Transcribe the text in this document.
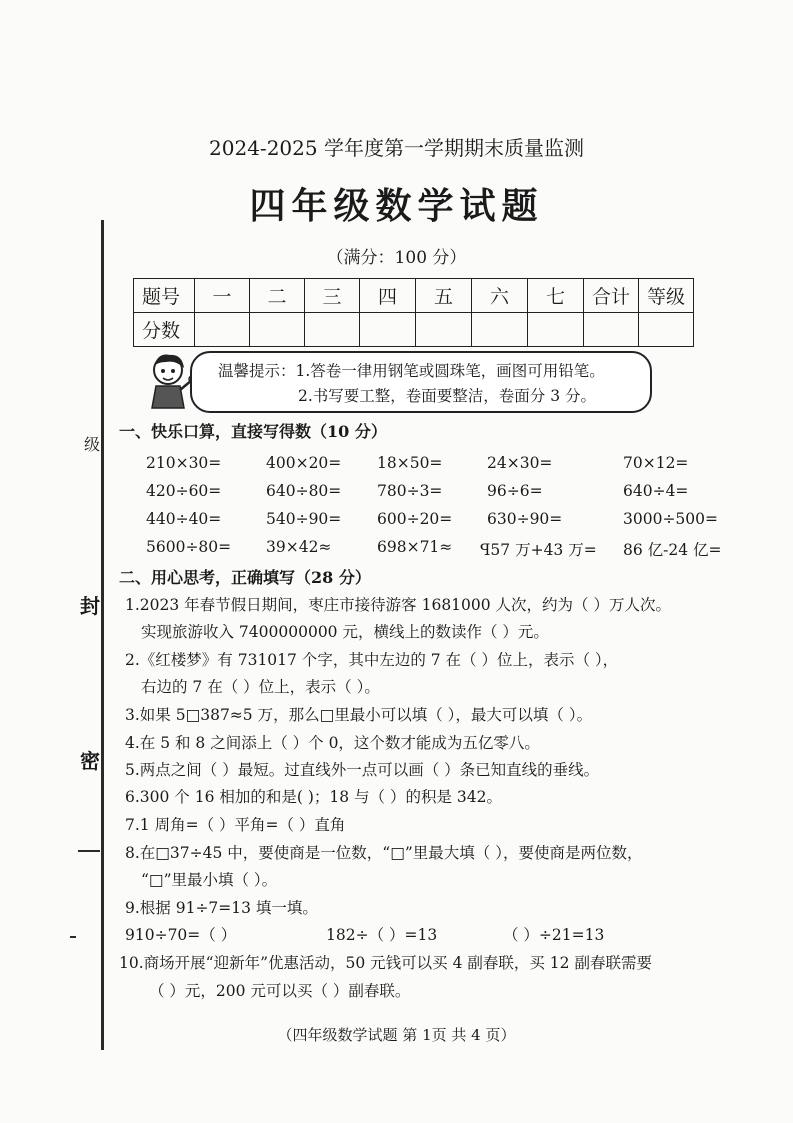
2024-2025 学年度第一学期期末质量监测
四年级数学试题
（满分：100 分）
级
封
密
题号	一	二	三	四	五	六	七	合计	等级
分数									
温馨提示：1.答卷一律用钢笔或圆珠笔，画图可用铅笔。
2.书写要工整，卷面要整洁，卷面分 3 分。
一、快乐口算，直接写得数（10 分）
210×30=	400×20= 18×50=	24×30=	70×12=
420÷60=	640÷80= 780÷3=	96÷6=	640÷4=
440÷40=	540÷90= 600÷20= 630÷90=	3000÷500=
5600÷80= 39×42≈	698×71≈ ꟼ57 万+43 万= 86 亿-24 亿=
二、用心思考，正确填写（28 分）
1.2023 年春节假日期间，枣庄市接待游客 1681000 人次，约为（ ）万人次。
实现旅游收入 7400000000 元，横线上的数读作（ ）元。
2.《红楼梦》有 731017 个字，其中左边的 7 在（ ）位上，表示（ ），
右边的 7 在（ ）位上，表示（ ）。
3.如果 5□387≈5 万，那么□里最小可以填（ ），最大可以填（ ）。
4.在 5 和 8 之间添上（ ）个 0，这个数才能成为五亿零八。
5.两点之间（ ）最短。过直线外一点可以画（ ）条已知直线的垂线。
6.300 个 16 相加的和是( )；18 与（ ）的积是 342。
7.1 周角=（ ）平角=（ ）直角
8.在□37÷45 中，要使商是一位数，“□”里最大填（ ），要使商是两位数，
“□”里最小填（ ）。
9.根据 91÷7=13 填一填。
910÷70=（ ）	182÷（ ）=13	（ ）÷21=13
10.商场开展“迎新年”优惠活动，50 元钱可以买 4 副春联，买 12 副春联需要
（ ）元，200 元可以买（ ）副春联。
（四年级数学试题 第 1页 共 4 页）
